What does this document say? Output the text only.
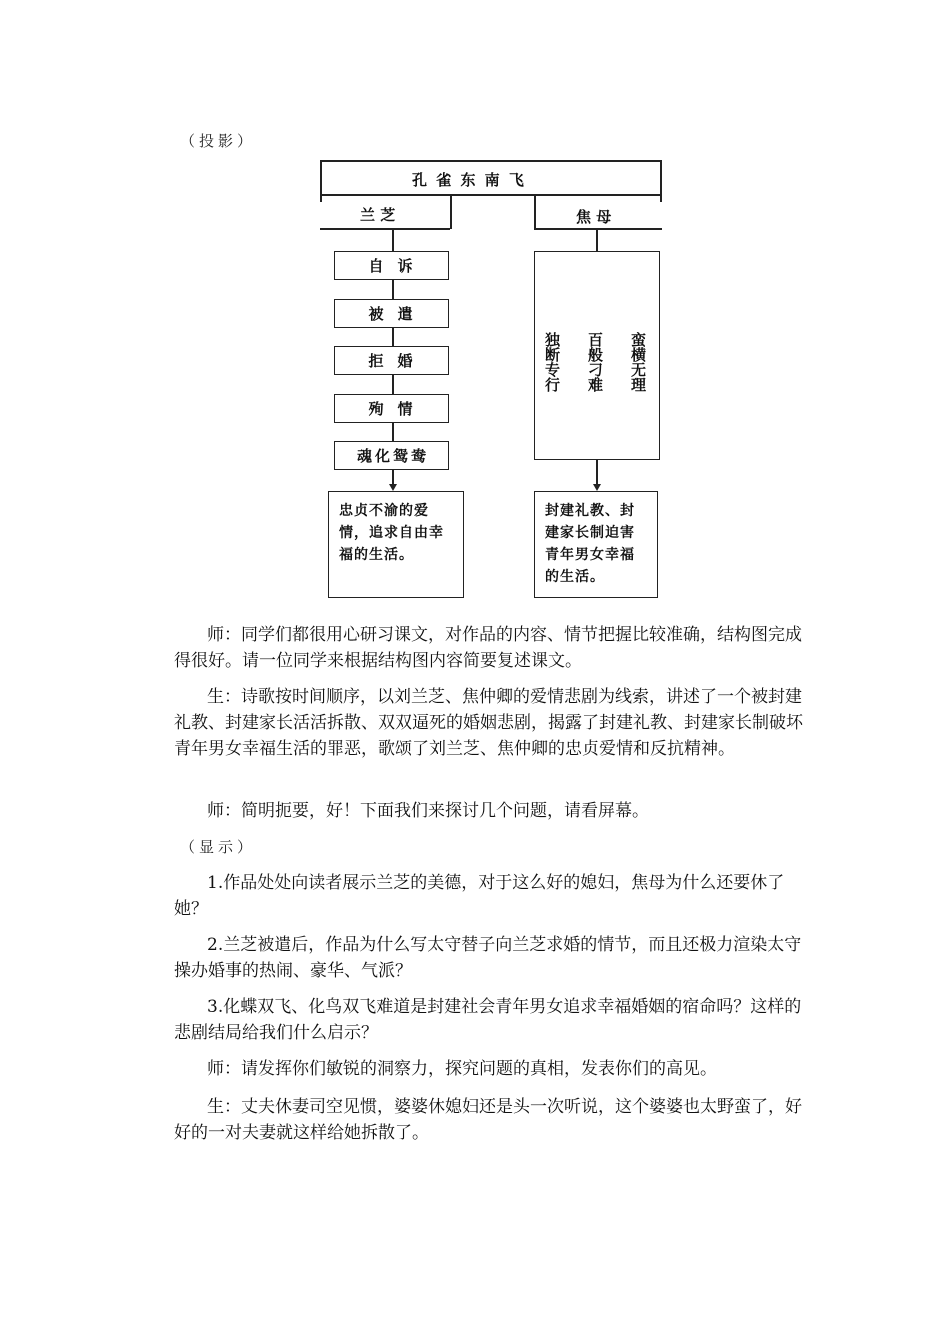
（投影）
孔 雀 东 南 飞
兰 芝	焦 母
自诉
被遣
拒婚
殉情
魂化鸳鸯
忠贞不渝的爱情，追求自由幸福的生活。
蛮横无理
百般刁难
独断专行
封建礼教、封建家长制迫害青年男女幸福的生活。
师：同学们都很用心研习课文，对作品的内容、情节把握比较准确，结构图完成得很好。请一位同学来根据结构图内容简要复述课文。
生：诗歌按时间顺序，以刘兰芝、焦仲卿的爱情悲剧为线索，讲述了一个被封建礼教、封建家长活活拆散、双双逼死的婚姻悲剧，揭露了封建礼教、封建家长制破坏青年男女幸福生活的罪恶，歌颂了刘兰芝、焦仲卿的忠贞爱情和反抗精神。
师：简明扼要，好！下面我们来探讨几个问题，请看屏幕。
（显示）
1.作品处处向读者展示兰芝的美德，对于这么好的媳妇，焦母为什么还要休了她？
2.兰芝被遣后，作品为什么写太守替子向兰芝求婚的情节，而且还极力渲染太守操办婚事的热闹、豪华、气派？
3.化蝶双飞、化鸟双飞难道是封建社会青年男女追求幸福婚姻的宿命吗？这样的悲剧结局给我们什么启示？
师：请发挥你们敏锐的洞察力，探究问题的真相，发表你们的高见。
生：丈夫休妻司空见惯，婆婆休媳妇还是头一次听说，这个婆婆也太野蛮了，好好的一对夫妻就这样给她拆散了。
